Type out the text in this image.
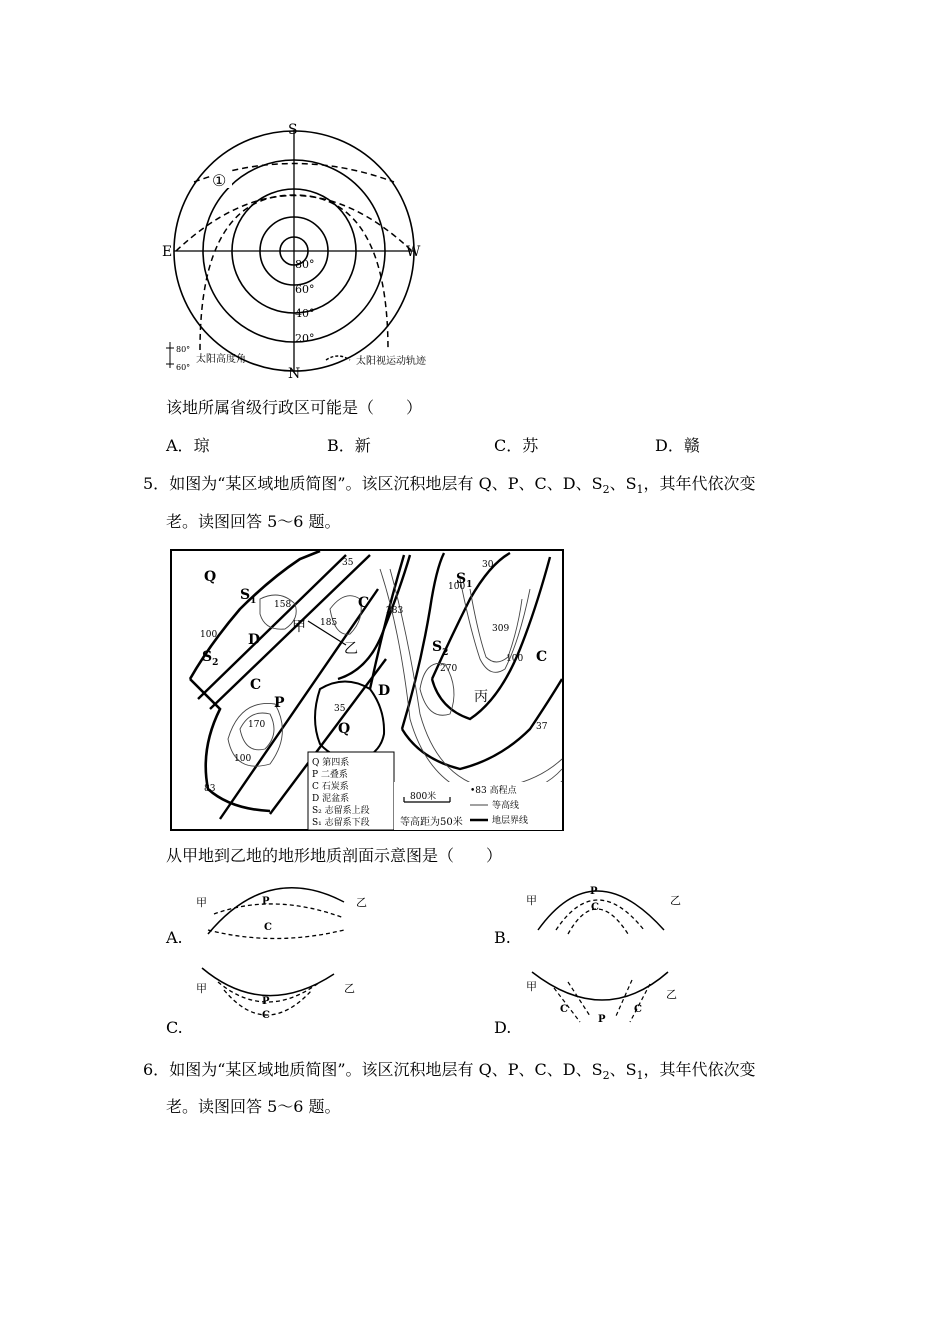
S
N
E	W
①
80°
60°
40°
20°
80°
60°
太阳高度角	太阳视运动轨迹
该地所属省级行政区可能是（　　）
A．琼	B．新	C．苏	D．赣
5．如图为“某区域地质简图”。该区沉积地层有 Q、P、C、D、$S_2$、$S_1$，其年代依次变
老。读图回答 5～6 题。
Q
$S_1$
D
$S_2$
C
P
Q
D
$S_1$
$S_2$	C
C
甲
乙
丙
35
158
185
283
30
309
270
170
100
35
83
37
100
100
100
Q 第四系
P 二叠系
C 石炭系
D 泥盆系
S₂ 志留系上段
S₁ 志留系下段
800米
等高距为50米
•83 高程点
等高线
地层界线
从甲地到乙地的地形地质剖面示意图是（　　）
甲	乙
P
C
A.
甲	乙
P
C
B.
甲	乙
P
C
C.
甲
乙
C
P
C
D.
6．如图为“某区域地质简图”。该区沉积地层有 Q、P、C、D、$S_2$、$S_1$，其年代依次变
老。读图回答 5～6 题。
